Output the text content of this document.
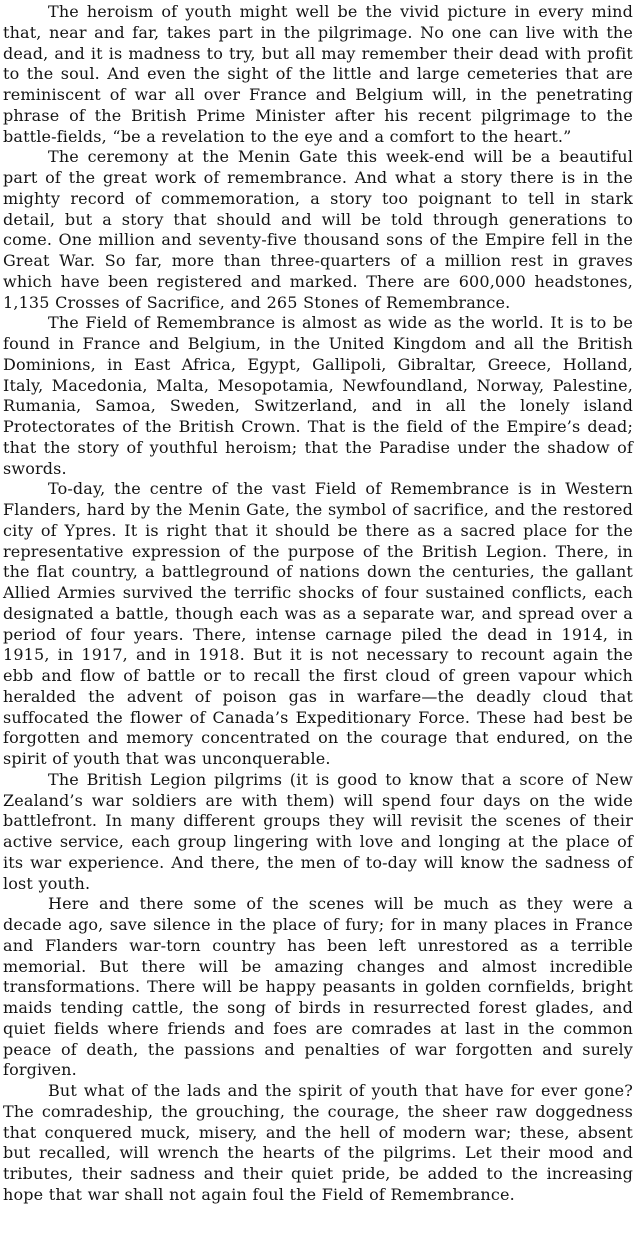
The heroism of youth might well be the vivid picture in every mind that, near and far, takes part in the pilgrimage. No one can live with the dead, and it is madness to try, but all may remember their dead with profit to the soul. And even the sight of the little and large cemeteries that are reminiscent of war all over France and Belgium will, in the penetrating phrase of the British Prime Minister after his recent pilgrimage to the battle-fields, “be a revelation to the eye and a comfort to the heart.”

The ceremony at the Menin Gate this week-end will be a beautiful part of the great work of remembrance. And what a story there is in the mighty record of commemoration, a story too poignant to tell in stark detail, but a story that should and will be told through generations to come. One million and seventy-five thousand sons of the Empire fell in the Great War. So far, more than three-quarters of a million rest in graves which have been registered and marked. There are 600,000 headstones, 1,135 Crosses of Sacrifice, and 265 Stones of Remembrance.

The Field of Remembrance is almost as wide as the world. It is to be found in France and Belgium, in the United Kingdom and all the British Dominions, in East Africa, Egypt, Gallipoli, Gibraltar, Greece, Holland, Italy, Macedonia, Malta, Mesopotamia, Newfoundland, Norway, Palestine, Rumania, Samoa, Sweden, Switzerland, and in all the lonely island Protectorates of the British Crown. That is the field of the Empire’s dead; that the story of youthful heroism; that the Paradise under the shadow of swords.

To-day, the centre of the vast Field of Remembrance is in Western Flanders, hard by the Menin Gate, the symbol of sacrifice, and the restored city of Ypres. It is right that it should be there as a sacred place for the representative expression of the purpose of the British Legion. There, in the flat country, a battleground of nations down the centuries, the gallant Allied Armies survived the terrific shocks of four sustained conflicts, each designated a battle, though each was as a separate war, and spread over a period of four years. There, intense carnage piled the dead in 1914, in 1915, in 1917, and in 1918. But it is not necessary to recount again the ebb and flow of battle or to recall the first cloud of green vapour which heralded the advent of poison gas in warfare—the deadly cloud that suffocated the flower of Canada’s Expeditionary Force. These had best be forgotten and memory concentrated on the courage that endured, on the spirit of youth that was unconquerable.

The British Legion pilgrims (it is good to know that a score of New Zealand’s war soldiers are with them) will spend four days on the wide battlefront. In many different groups they will revisit the scenes of their active service, each group lingering with love and longing at the place of its war experience. And there, the men of to-day will know the sadness of lost youth.

Here and there some of the scenes will be much as they were a decade ago, save silence in the place of fury; for in many places in France and Flanders war-torn country has been left unrestored as a terrible memorial. But there will be amazing changes and almost incredible transformations. There will be happy peasants in golden cornfields, bright maids tending cattle, the song of birds in resurrected forest glades, and quiet fields where friends and foes are comrades at last in the common peace of death, the passions and penalties of war forgotten and surely forgiven.

But what of the lads and the spirit of youth that have for ever gone? The comradeship, the grouching, the courage, the sheer raw doggedness that conquered muck, misery, and the hell of modern war; these, absent but recalled, will wrench the hearts of the pilgrims. Let their mood and tributes, their sadness and their quiet pride, be added to the increasing hope that war shall not again foul the Field of Remembrance.
